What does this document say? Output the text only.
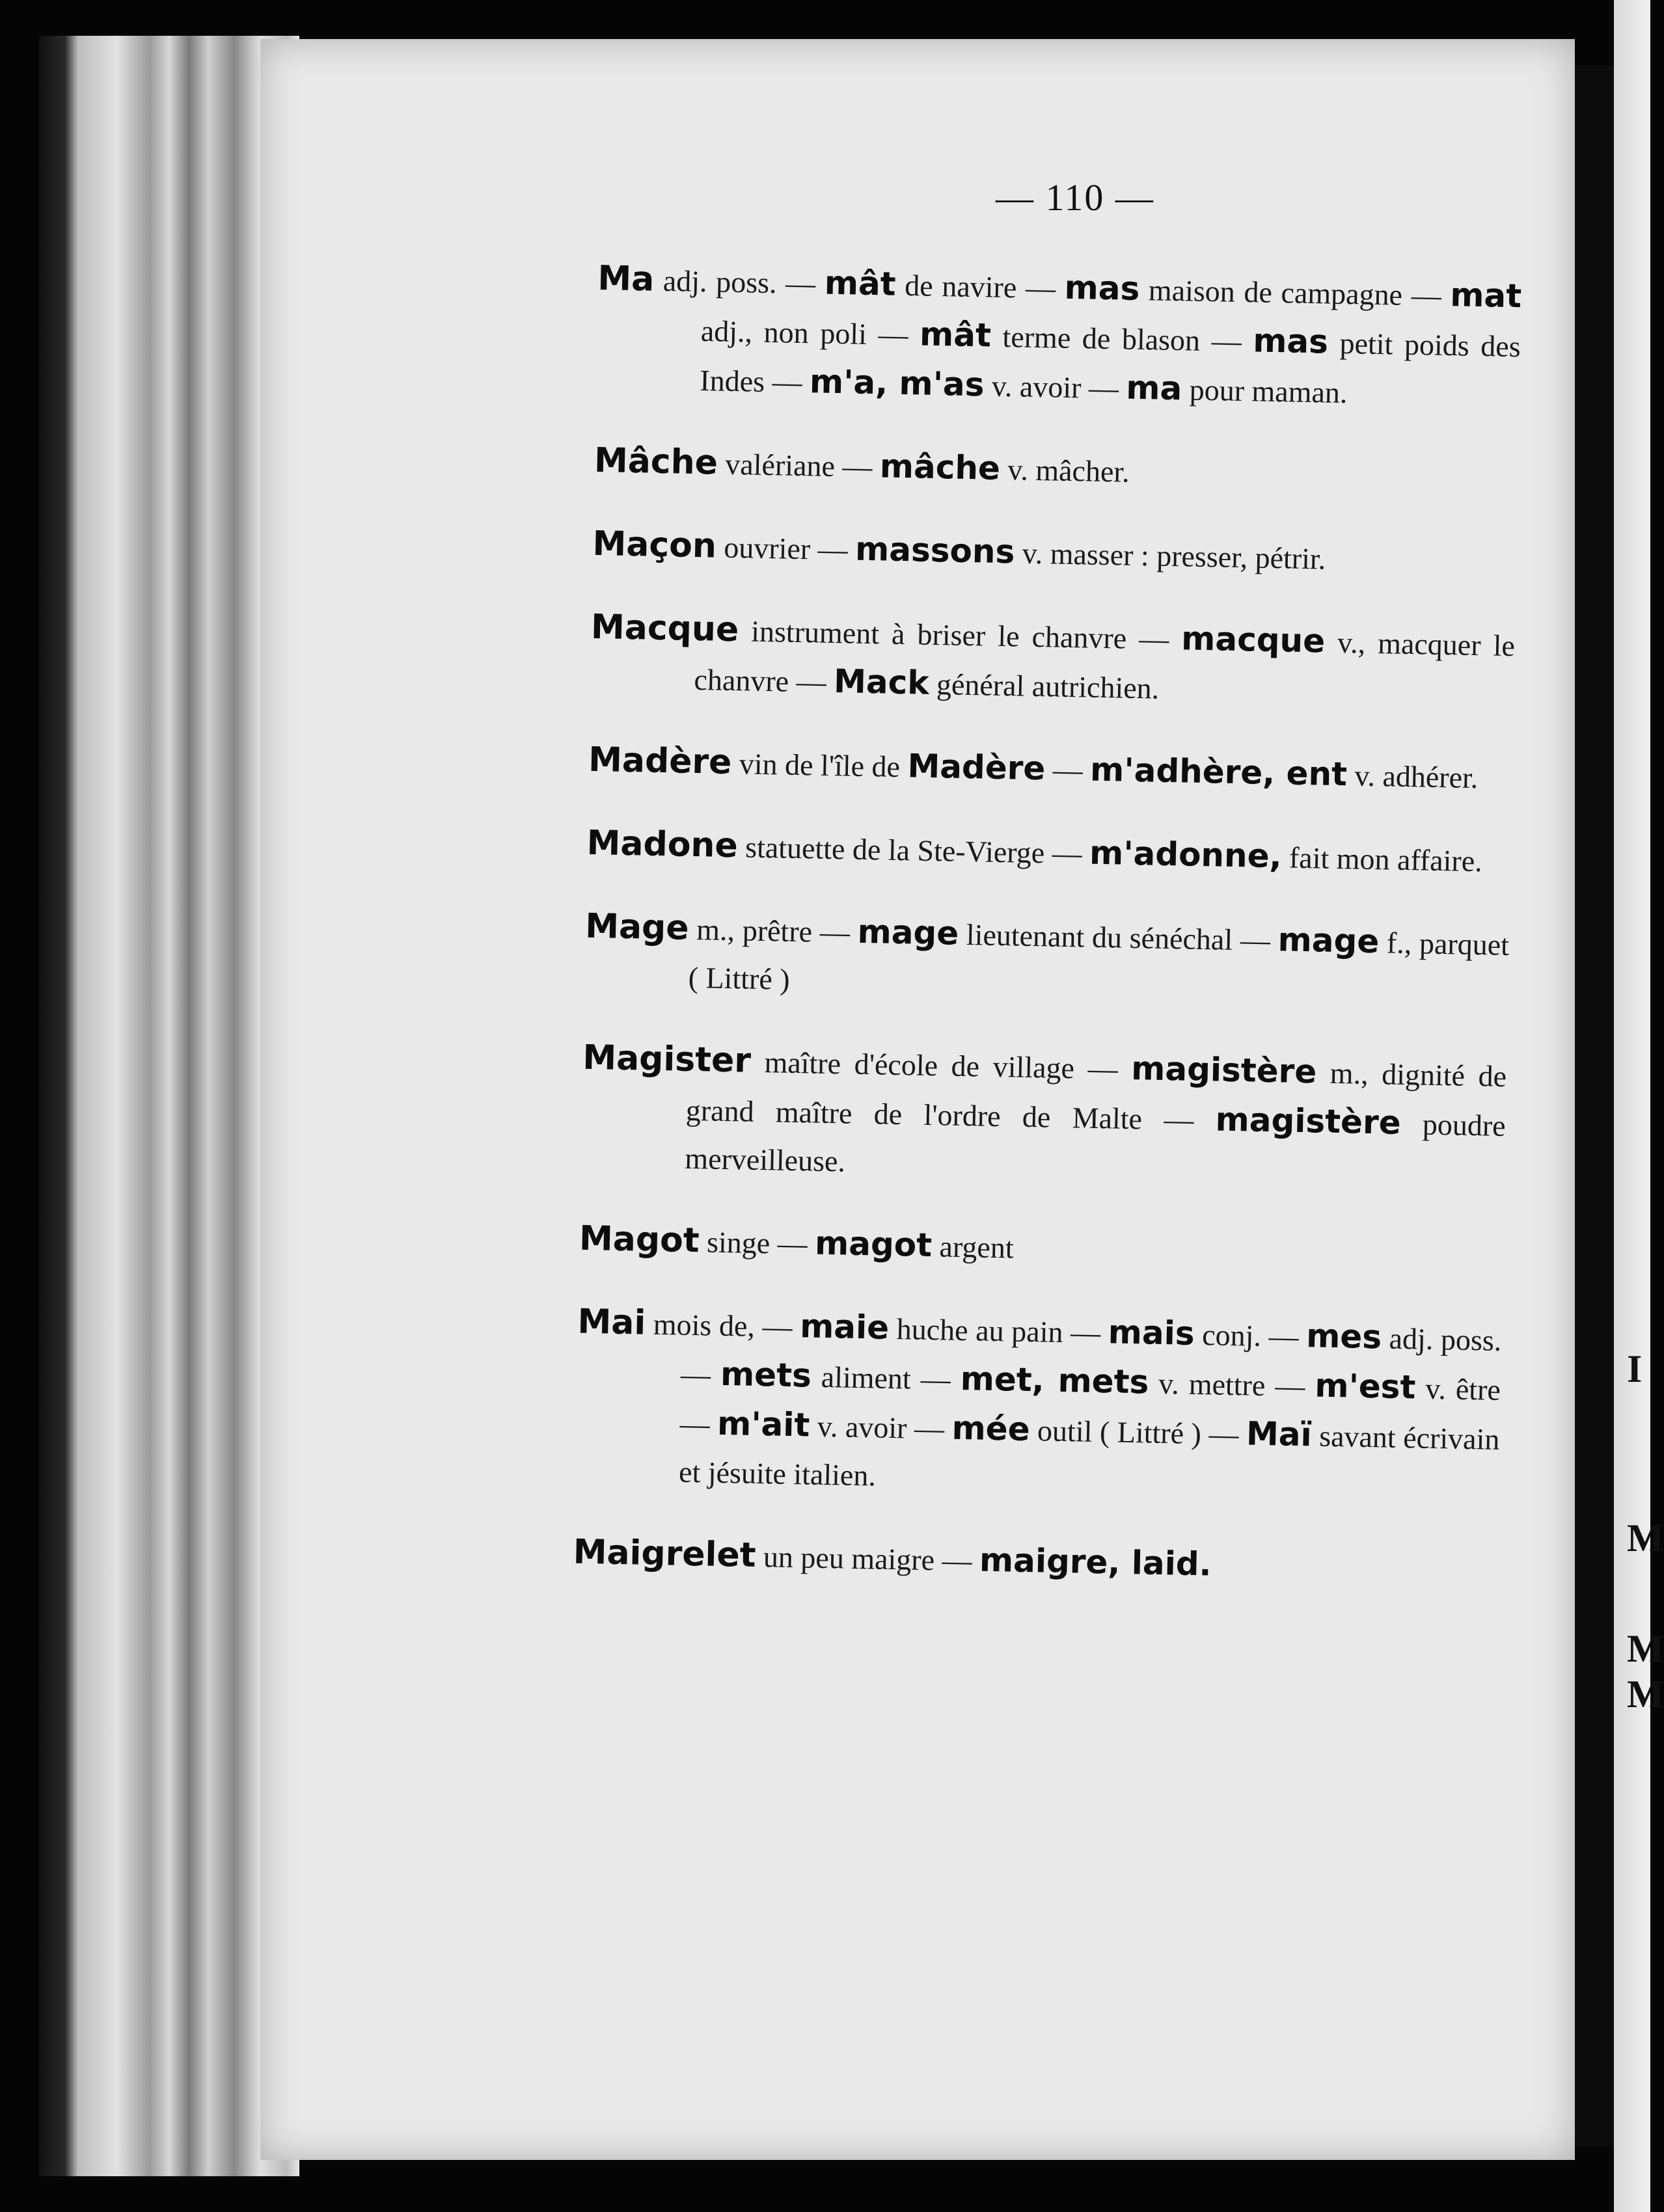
I
M
M
M
— 110 —

Ma adj. poss. — mât de navire — mas maison de campagne — mat adj., non poli — mât terme de blason — mas petit poids des Indes — m'a, m'as v. avoir — ma pour maman.

Mâche valériane — mâche v. mâcher.

Maçon ouvrier — massons v. masser : presser, pétrir.

Macque instrument à briser le chanvre — macque v., macquer le chanvre — Mack général autrichien.

Madère vin de l'île de Madère — m'adhère, ent v. adhérer.

Madone statuette de la Ste-Vierge — m'adonne, fait mon affaire.

Mage m., prêtre — mage lieutenant du sénéchal — mage f., parquet ( Littré )

Magister maître d'école de village — magistère m., dignité de grand maître de l'ordre de Malte — magistère poudre merveilleuse.

Magot singe — magot argent

Mai mois de, — maie huche au pain — mais conj. — mes adj. poss. — mets aliment — met, mets v. mettre — m'est v. être — m'ait v. avoir — mée outil ( Littré ) — Maï savant écrivain et jésuite italien.

Maigrelet un peu maigre — maigre, laid.
